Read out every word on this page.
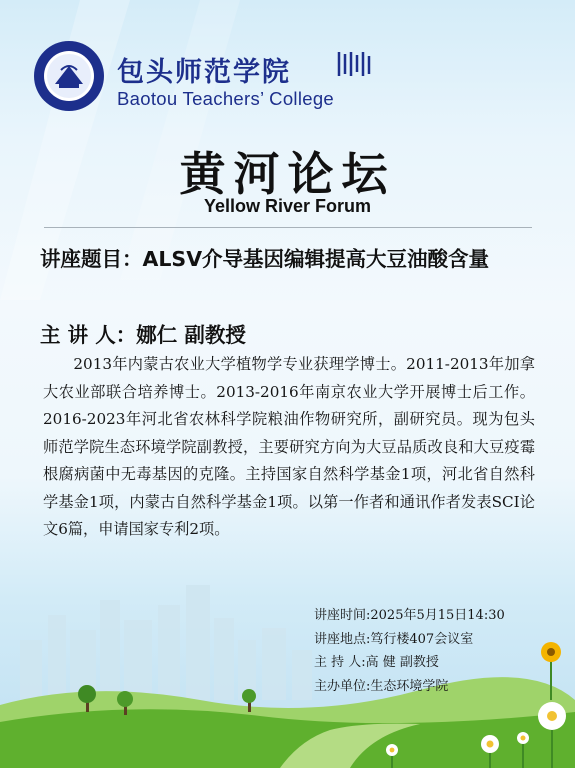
包头师范学院
Baotou Teachers’ College
黄河论坛
Yellow River Forum
讲座题目：ALSV介导基因编辑提高大豆油酸含量
主 讲 人：娜仁 副教授
2013年内蒙古农业大学植物学专业获理学博士。2011-2013年加拿大农业部联合培养博士。2013-2016年南京农业大学开展博士后工作。2016-2023年河北省农林科学院粮油作物研究所，副研究员。现为包头师范学院生态环境学院副教授，主要研究方向为大豆品质改良和大豆疫霉根腐病菌中无毒基因的克隆。主持国家自然科学基金1项，河北省自然科学基金1项，内蒙古自然科学基金1项。以第一作者和通讯作者发表SCI论文6篇，申请国家专利2项。
讲座时间:2025年5月15日14:30
讲座地点:笃行楼407会议室
主 持 人:高 健 副教授
主办单位:生态环境学院
